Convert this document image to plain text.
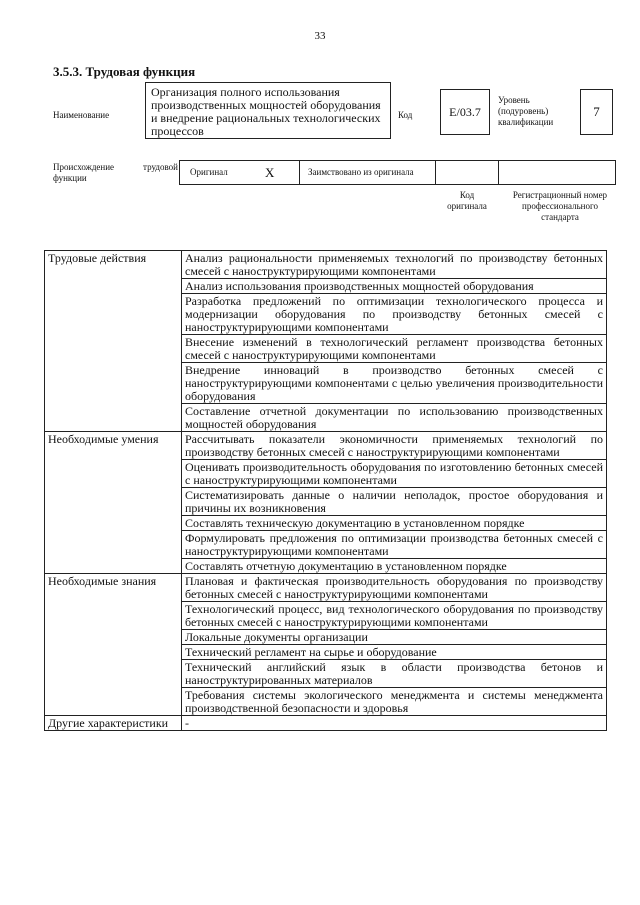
33
3.5.3. Трудовая функция
Наименование
Организация полного использования производственных мощностей оборудования и внедрение рациональных технологических процессов
Код	E/03.7
Уровень (подуровень) квалификации
7
Происхождение трудовой функции
Оригинал	X	Заимствовано из оригинала
Код оригинала
Регистрационный номер профессионального стандарта
Трудовые действия	Анализ рациональности применяемых технологий по производству бетонных смесей с наноструктурирующими компонентами
	Анализ использования производственных мощностей оборудования
	Разработка предложений по оптимизации технологического процесса и модернизации оборудования по производству бетонных смесей с наноструктурирующими компонентами
	Внесение изменений в технологический регламент производства бетонных смесей с наноструктурирующими компонентами
	Внедрение инноваций в производство бетонных смесей с наноструктурирующими компонентами с целью увеличения производительности оборудования
	Составление отчетной документации по использованию производственных мощностей оборудования
Необходимые умения	Рассчитывать показатели экономичности применяемых технологий по производству бетонных смесей с наноструктурирующими компонентами
	Оценивать производительность оборудования по изготовлению бетонных смесей с наноструктурирующими компонентами
	Систематизировать данные о наличии неполадок, простое оборудования и причины их возникновения
	Составлять техническую документацию в установленном порядке
	Формулировать предложения по оптимизации производства бетонных смесей с наноструктурирующими компонентами
	Составлять отчетную документацию в установленном порядке
Необходимые знания	Плановая и фактическая производительность оборудования по производству бетонных смесей с наноструктурирующими компонентами
	Технологический процесс, вид технологического оборудования по производству бетонных смесей с наноструктурирующими компонентами
	Локальные документы организации
	Технический регламент на сырье и оборудование
	Технический английский язык в области производства бетонов и наноструктурированных материалов
	Требования системы экологического менеджмента и системы менеджмента производственной безопасности и здоровья
Другие характеристики	-
